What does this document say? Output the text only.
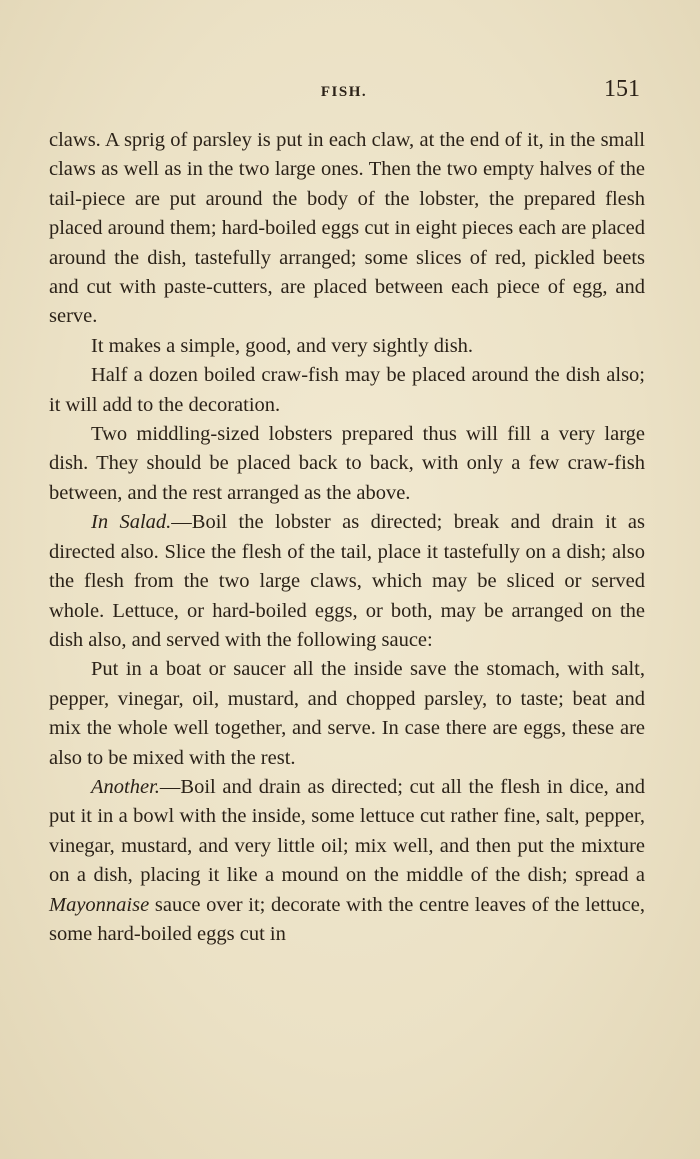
FISH.	151

claws. A sprig of parsley is put in each claw, at the end of it, in the small claws as well as in the two large ones. Then the two empty halves of the tail-piece are put around the body of the lobster, the prepared flesh placed around them; hard-boiled eggs cut in eight pieces each are placed around the dish, tastefully arranged; some slices of red, pickled beets and cut with paste-cutters, are placed between each piece of egg, and serve.

It makes a simple, good, and very sightly dish.

Half a dozen boiled craw-fish may be placed around the dish also; it will add to the decoration.

Two middling-sized lobsters prepared thus will fill a very large dish. They should be placed back to back, with only a few craw-fish between, and the rest arranged as the above.

In Salad.—Boil the lobster as directed; break and drain it as directed also. Slice the flesh of the tail, place it tastefully on a dish; also the flesh from the two large claws, which may be sliced or served whole. Lettuce, or hard-boiled eggs, or both, may be arranged on the dish also, and served with the following sauce:

Put in a boat or saucer all the inside save the stomach, with salt, pepper, vinegar, oil, mustard, and chopped parsley, to taste; beat and mix the whole well together, and serve. In case there are eggs, these are also to be mixed with the rest.

Another.—Boil and drain as directed; cut all the flesh in dice, and put it in a bowl with the inside, some lettuce cut rather fine, salt, pepper, vinegar, mustard, and very little oil; mix well, and then put the mixture on a dish, placing it like a mound on the middle of the dish; spread a Mayonnaise sauce over it; decorate with the centre leaves of the lettuce, some hard-boiled eggs cut in
